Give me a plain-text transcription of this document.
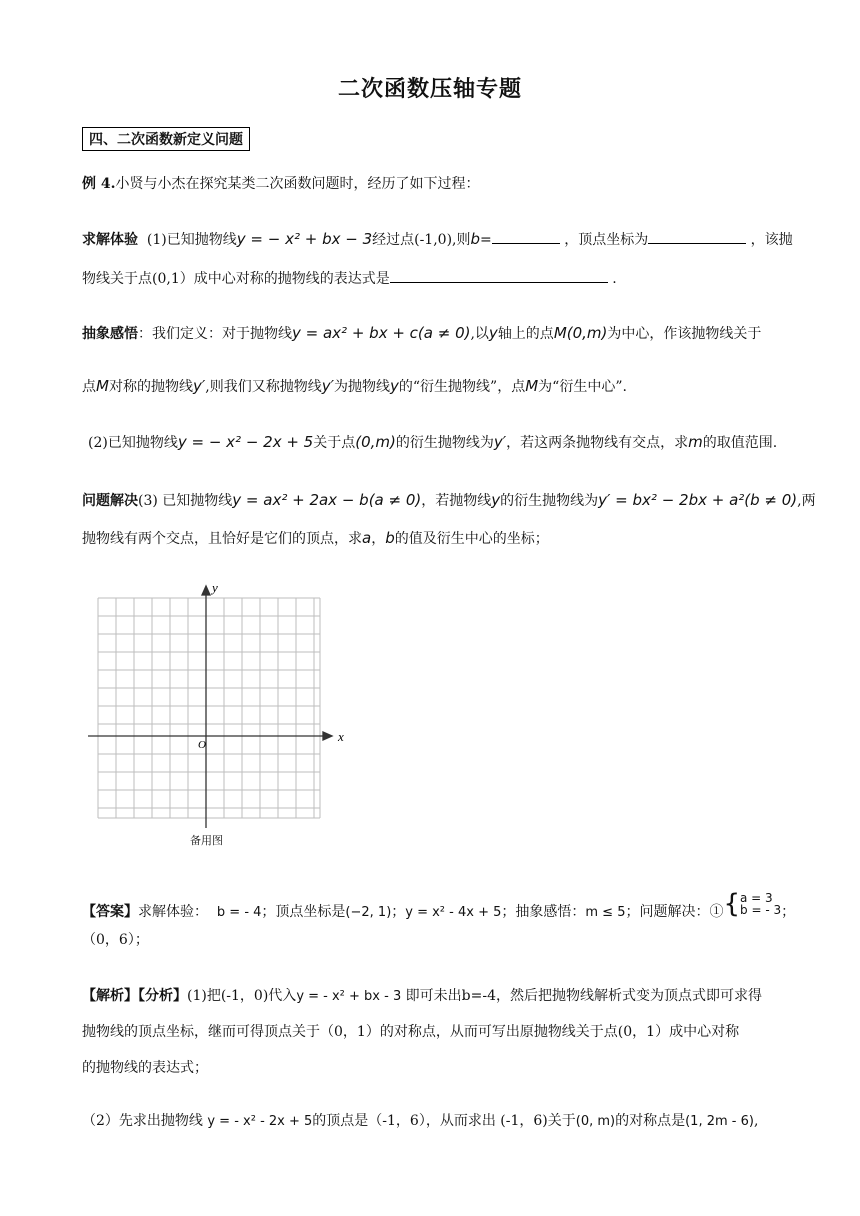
二次函数压轴专题
四、二次函数新定义问题
例 4.小贤与小杰在探究某类二次函数问题时，经历了如下过程：
求解体验 (1)已知抛物线y = − x² + bx − 3经过点(-1,0),则b=	，顶点坐标为	，该抛
物线关于点(0,1）成中心对称的抛物线的表达式是	.
抽象感悟：我们定义：对于抛物线y = ax² + bx + c(a ≠ 0),以y轴上的点M(0,m)为中心，作该抛物线关于
点M对称的抛物线y′,则我们又称抛物线y′为抛物线y的“衍生抛物线”，点M为“衍生中心”.
(2)已知抛物线y = − x² − 2x + 5关于点(0,m)的衍生抛物线为y′，若这两条抛物线有交点，求m的取值范围.
问题解决(3) 已知抛物线y = ax² + 2ax − b(a ≠ 0)，若抛物线y的衍生抛物线为y′ = bx² − 2bx + a²(b ≠ 0),两
抛物线有两个交点，且恰好是它们的顶点，求a，b的值及衍生中心的坐标；
y
x
O
备用图
【答案】求解体验： b = - 4；顶点坐标是(−2, 1)；y = x² - 4x + 5；抽象感悟：m ≤ 5；问题解决：①{a = 3
b = - 3；
（0，6）；
【解析】【分析】(1)把(-1，0)代入y = - x² + bx - 3 即可未出b=-4，然后把抛物线解析式变为顶点式即可求得
抛物线的顶点坐标，继而可得顶点关于（0，1）的对称点，从而可写出原抛物线关于点(0，1）成中心对称
的抛物线的表达式；
（2）先求出抛物线 y = - x² - 2x + 5的顶点是（-1，6），从而求出 (-1，6)关于(0, m)的对称点是(1, 2m - 6),
